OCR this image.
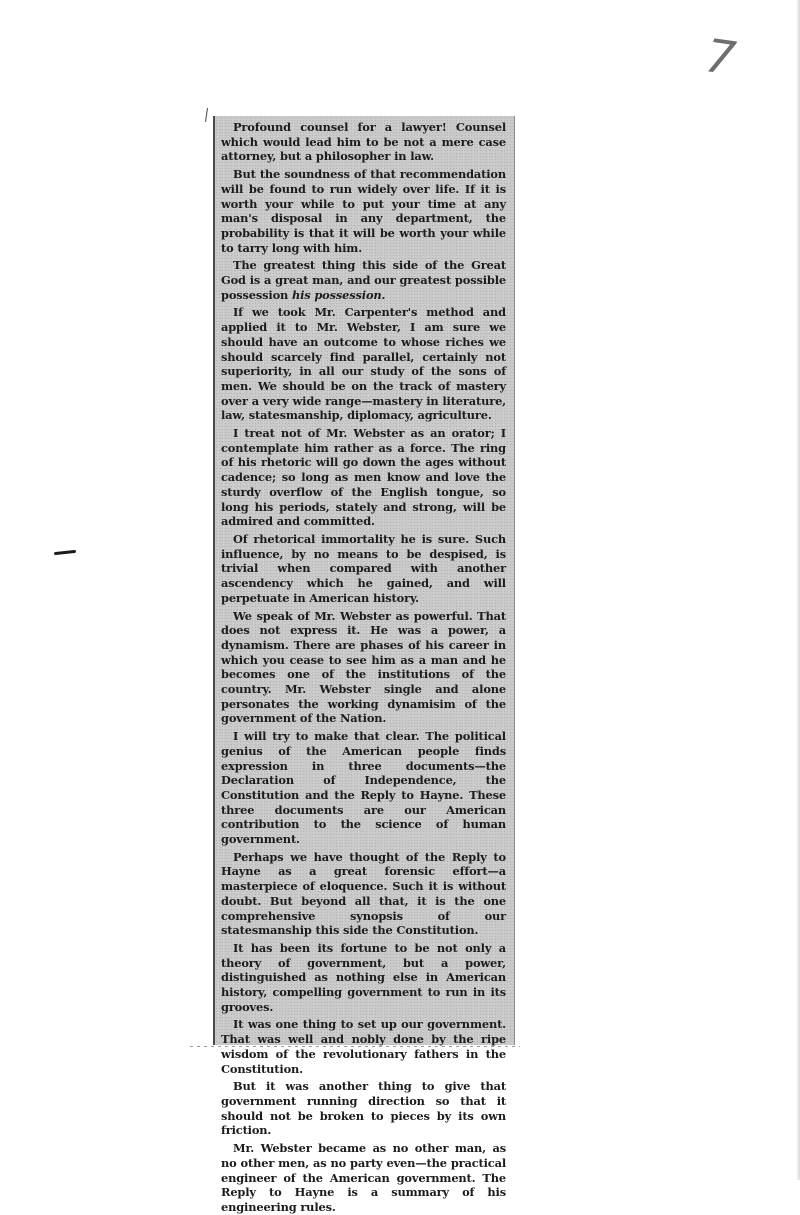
7

Profound counsel for a lawyer! Counsel which would lead him to be not a mere case attorney, but a philosopher in law.

But the soundness of that recommendation will be found to run widely over life. If it is worth your while to put your time at any man's disposal in any department, the probability is that it will be worth your while to tarry long with him.

The greatest thing this side of the Great God is a great man, and our greatest possible possession his possession.

If we took Mr. Carpenter's method and applied it to Mr. Webster, I am sure we should have an outcome to whose riches we should scarcely find parallel, certainly not superiority, in all our study of the sons of men. We should be on the track of mastery over a very wide range—mastery in literature, law, statesmanship, diplomacy, agriculture.

I treat not of Mr. Webster as an orator; I contemplate him rather as a force. The ring of his rhetoric will go down the ages without cadence; so long as men know and love the sturdy overflow of the English tongue, so long his periods, stately and strong, will be admired and committed.

Of rhetorical immortality he is sure. Such influence, by no means to be despised, is trivial when compared with another ascendency which he gained, and will perpetuate in American history.

We speak of Mr. Webster as powerful. That does not express it. He was a power, a dynamism. There are phases of his career in which you cease to see him as a man and he becomes one of the institutions of the country. Mr. Webster single and alone personates the working dynamisim of the government of the Nation.

I will try to make that clear. The political genius of the American people finds expression in three documents—the Declaration of Independence, the Constitution and the Reply to Hayne. These three documents are our American contribution to the science of human government.

Perhaps we have thought of the Reply to Hayne as a great forensic effort—a masterpiece of eloquence. Such it is without doubt. But beyond all that, it is the one comprehensive synopsis of our statesmanship this side the Constitution.

It has been its fortune to be not only a theory of government, but a power, distinguished as nothing else in American history, compelling government to run in its grooves.

It was one thing to set up our government. That was well and nobly done by the ripe wisdom of the revolutionary fathers in the Constitution.

But it was another thing to give that government running direction so that it should not be broken to pieces by its own friction.

Mr. Webster became as no other man, as no other men, as no party even—the practical engineer of the American government. The Reply to Hayne is a summary of his engineering rules.
